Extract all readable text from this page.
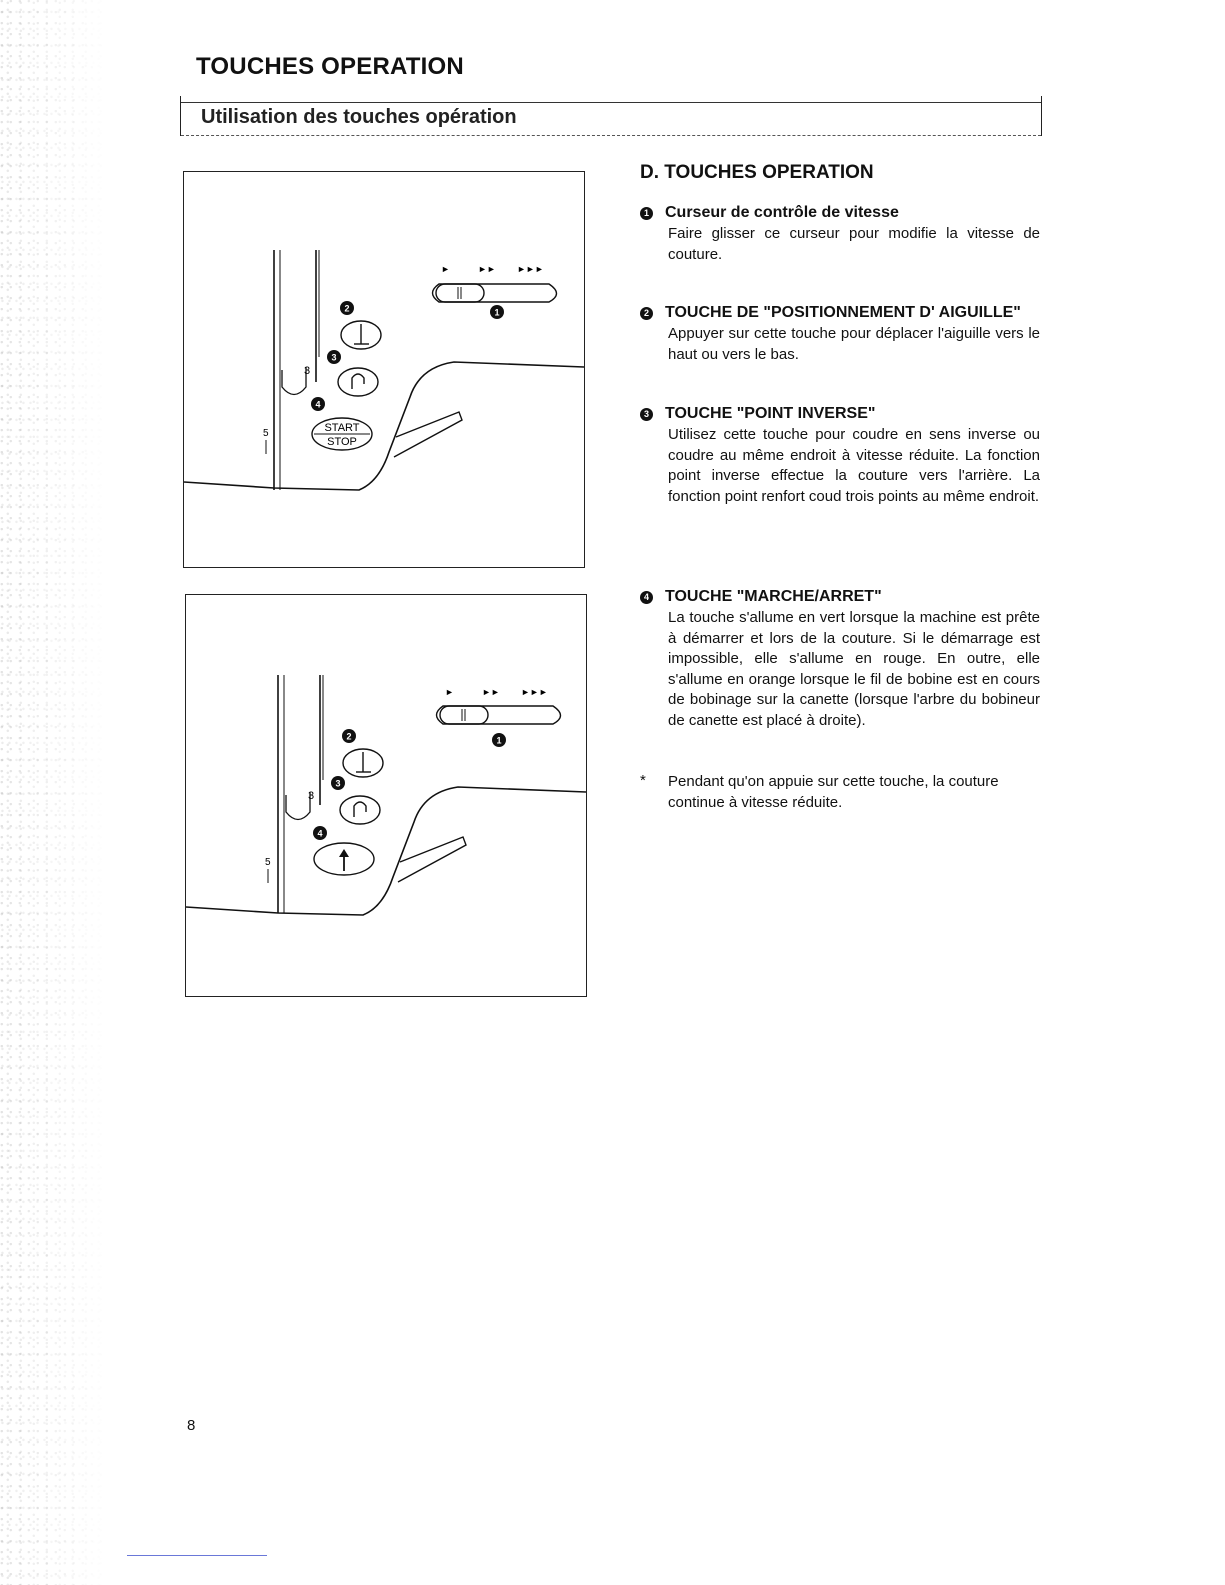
TOUCHES OPERATION
Utilisation des touches opération
►	►► ►►►
1
2
3
3
4
START
STOP
5
►	►► ►►►
1
2
3
3
4
5
D. TOUCHES OPERATION
1 Curseur de contrôle de vitesse

Faire glisser ce curseur pour modifie la vitesse de couture.

2 TOUCHE DE "POSITIONNEMENT D' AIGUILLE"

Appuyer sur cette touche pour déplacer l'aiguille vers le haut ou vers le bas.

3 TOUCHE "POINT INVERSE"

Utilisez cette touche pour coudre en sens inverse ou coudre au même endroit à vitesse réduite. La fonction point inverse effectue la couture vers l'arrière. La fonction point renfort coud trois points au même endroit.

4 TOUCHE "MARCHE/ARRET"

La touche s'allume en vert lorsque la machine est prête à démarrer et lors de la couture. Si le démarrage est impossible, elle s'allume en rouge. En outre, elle s'allume en orange lorsque le fil de bobine est en cours de bobinage sur la canette (lorsque l'arbre du bobineur de canette est placé à droite).

*	Pendant qu'on appuie sur cette touche, la couture continue à vitesse réduite.
8
